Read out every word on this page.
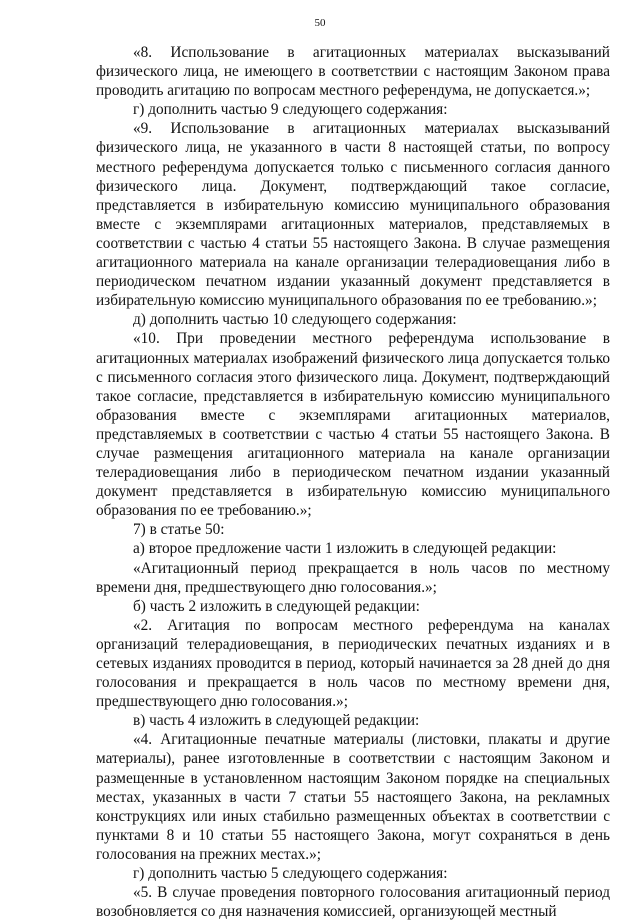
50

«8. Использование в агитационных материалах высказываний физического лица, не имеющего в соответствии с настоящим Законом права проводить агитацию по вопросам местного референдума, не допускается.»;

г) дополнить частью 9 следующего содержания:

«9. Использование в агитационных материалах высказываний физического лица, не указанного в части 8 настоящей статьи, по вопросу местного референдума допускается только с письменного согласия данного физического лица. Документ, подтверждающий такое согласие, представляется в избирательную комиссию муниципального образования вместе с экземплярами агитационных материалов, представляемых в соответствии с частью 4 статьи 55 настоящего Закона. В случае размещения агитационного материала на канале организации телерадиовещания либо в периодическом печатном издании указанный документ представляется в избирательную комиссию муниципального образования по ее требованию.»;

д) дополнить частью 10 следующего содержания:

«10. При проведении местного референдума использование в агитационных материалах изображений физического лица допускается только с письменного согласия этого физического лица. Документ, подтверждающий такое согласие, представляется в избирательную комиссию муниципального образования вместе с экземплярами агитационных материалов, представляемых в соответствии с частью 4 статьи 55 настоящего Закона. В случае размещения агитационного материала на канале организации телерадиовещания либо в периодическом печатном издании указанный документ представляется в избирательную комиссию муниципального образования по ее требованию.»;

7) в статье 50:

а) второе предложение части 1 изложить в следующей редакции:

«Агитационный период прекращается в ноль часов по местному времени дня, предшествующего дню голосования.»;

б) часть 2 изложить в следующей редакции:

«2. Агитация по вопросам местного референдума на каналах организаций телерадиовещания, в периодических печатных изданиях и в сетевых изданиях проводится в период, который начинается за 28 дней до дня голосования и прекращается в ноль часов по местному времени дня, предшествующего дню голосования.»;

в) часть 4 изложить в следующей редакции:

«4. Агитационные печатные материалы (листовки, плакаты и другие материалы), ранее изготовленные в соответствии с настоящим Законом и размещенные в установленном настоящим Законом порядке на специальных местах, указанных в части 7 статьи 55 настоящего Закона, на рекламных конструкциях или иных стабильно размещенных объектах в соответствии с пунктами 8 и 10 статьи 55 настоящего Закона, могут сохраняться в день голосования на прежних местах.»;

г) дополнить частью 5 следующего содержания:

«5. В случае проведения повторного голосования агитационный период возобновляется со дня назначения комиссией, организующей местный
